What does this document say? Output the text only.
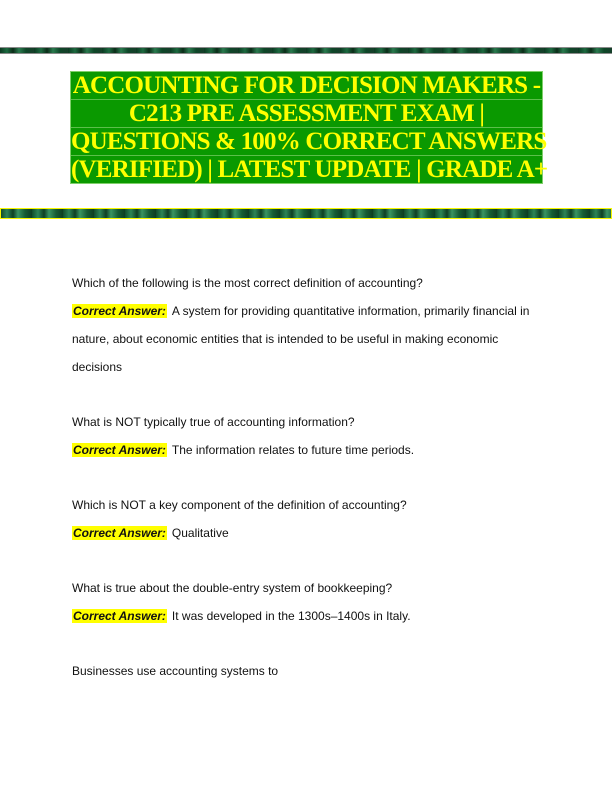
ACCOUNTING FOR DECISION MAKERS -
C213 PRE ASSESSMENT EXAM |
QUESTIONS & 100% CORRECT ANSWERS
(VERIFIED) | LATEST UPDATE | GRADE A+
Which of the following is the most correct definition of accounting?
Correct Answer: A system for providing quantitative information, primarily financial in
nature, about economic entities that is intended to be useful in making economic
decisions
What is NOT typically true of accounting information?
Correct Answer: The information relates to future time periods.
Which is NOT a key component of the definition of accounting?
Correct Answer: Qualitative
What is true about the double-entry system of bookkeeping?
Correct Answer: It was developed in the 1300s–1400s in Italy.
Businesses use accounting systems to
